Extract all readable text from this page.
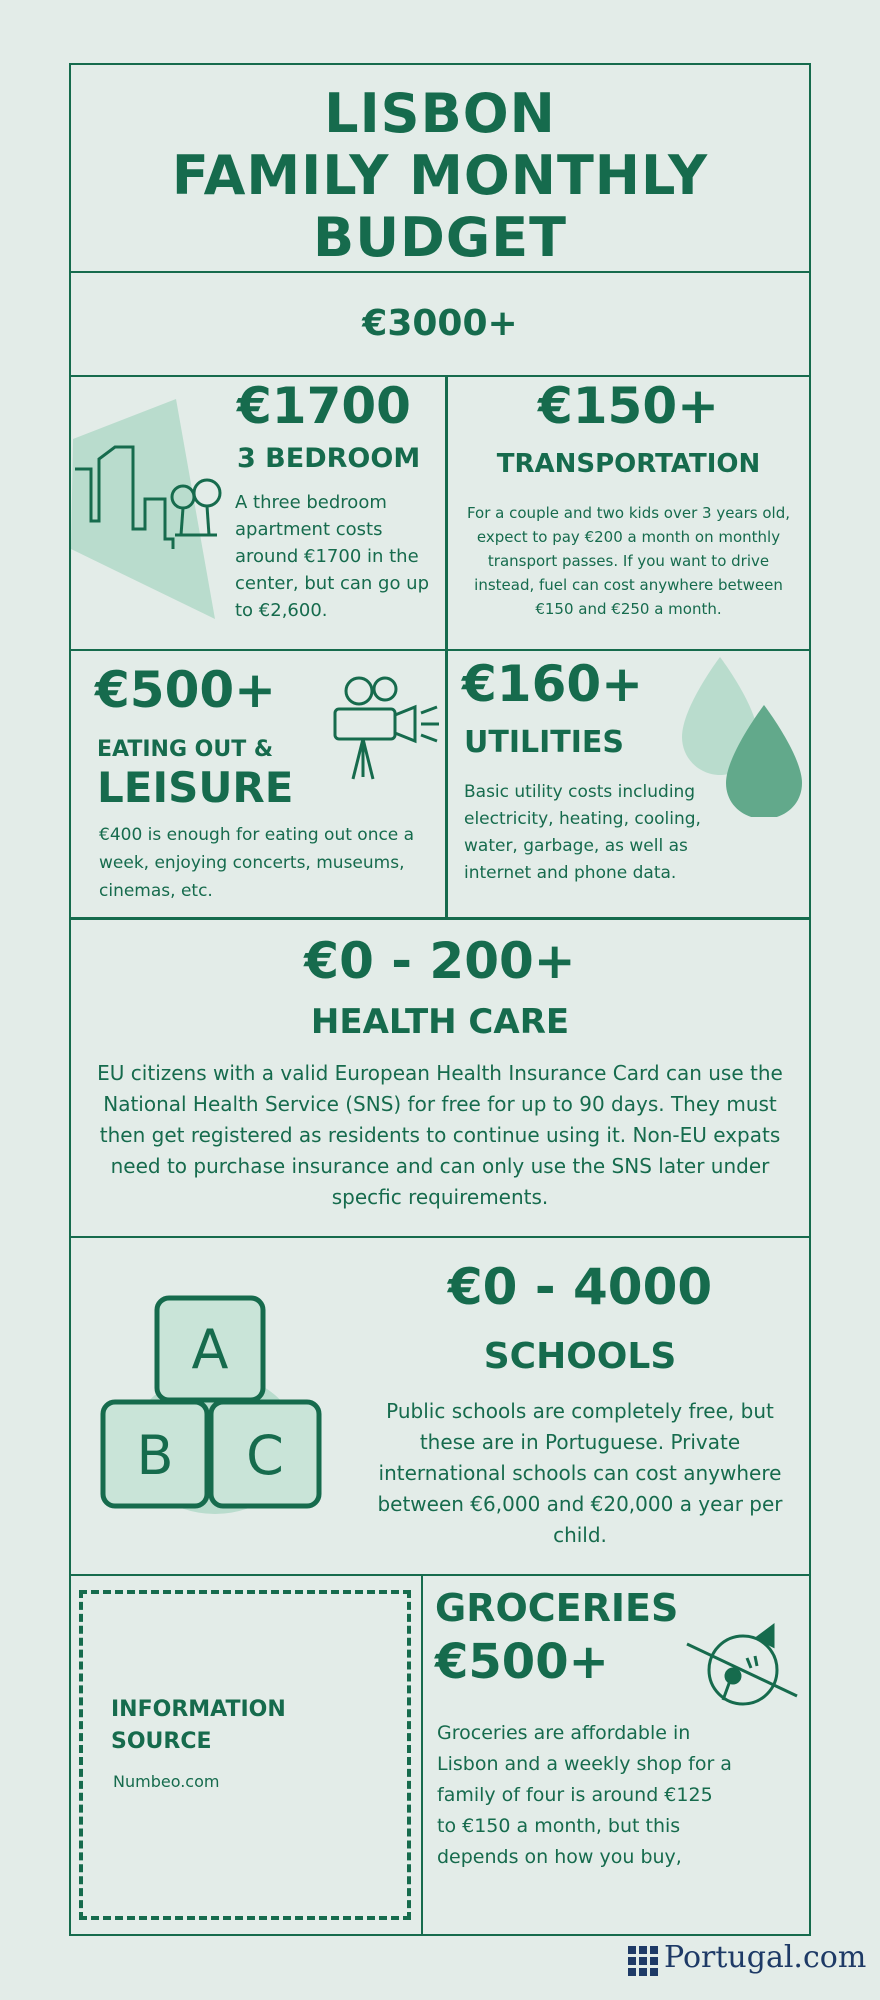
LISBON
FAMILY MONTHLY
BUDGET
€3000+
€1700
3 BEDROOM
A three bedroom apartment costs around €1700 in the center, but can go up to €2,600.
€150+
TRANSPORTATION
For a couple and two kids over 3 years old, expect to pay €200 a month on monthly transport passes. If you want to drive instead, fuel can cost anywhere between €150 and €250 a month.
€500+
EATING OUT &
LEISURE
€400 is enough for eating out once a week, enjoying concerts, museums, cinemas, etc.
€160+
UTILITIES
Basic utility costs including electricity, heating, cooling, water, garbage, as well as internet and phone data.
€0 - 200+
HEALTH CARE
EU citizens with a valid European Health Insurance Card can use the National Health Service (SNS) for free for up to 90 days. They must then get registered as residents to continue using it. Non-EU expats need to purchase insurance and can only use the SNS later under specfic requirements.
A
B C
€0 - 4000
SCHOOLS
Public schools are completely free, but these are in Portuguese. Private international schools can cost anywhere between €6,000 and €20,000 a year per child.
INFORMATION
SOURCE
Numbeo.com
GROCERIES
€500+
Groceries are affordable in Lisbon and a weekly shop for a family of four is around €125 to €150 a month, but this depends on how you buy,
Portugal.com
